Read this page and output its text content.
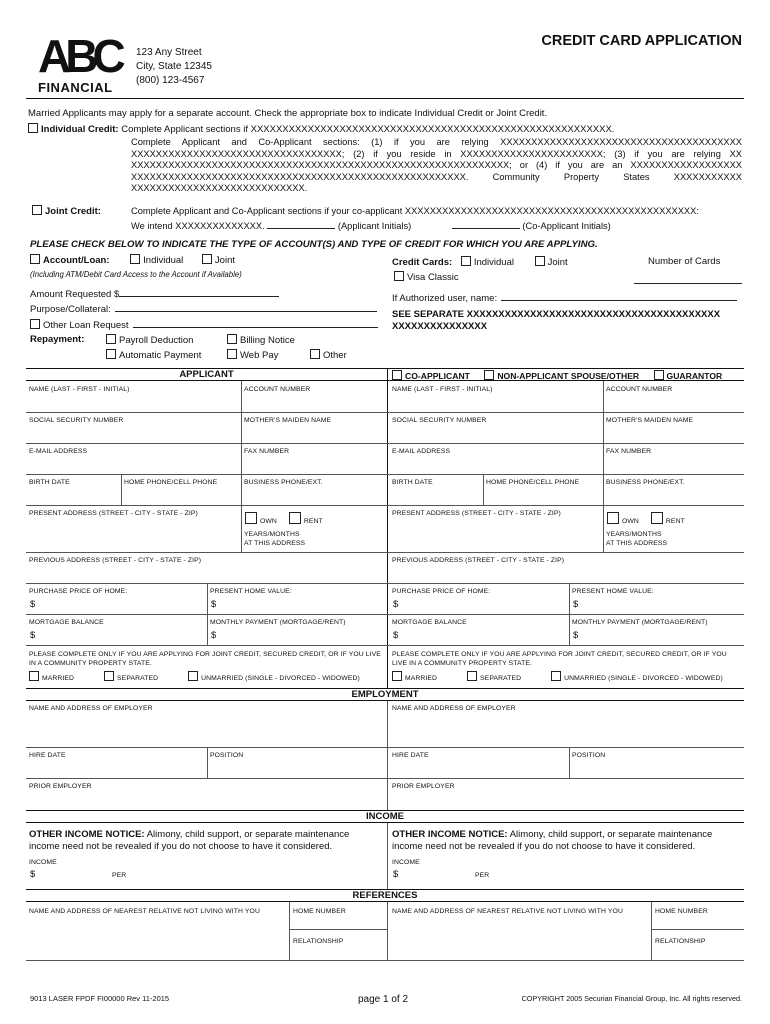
ABC
FINANCIAL
123 Any Street
City, State 12345
(800) 123-4567
CREDIT CARD APPLICATION
Married Applicants may apply for a separate account. Check the appropriate box to indicate Individual Credit or Joint Credit.
Individual Credit: Complete Applicant sections if XXXXXXXXXXXXXXXXXXXXXXXXXXXXXXXXXXXXXXXXXXXXXXXXXXXXXXXXX.
Complete Applicant and Co-Applicant sections: (1) if you are relying XXXXXXXXXXXXXXXXXXXXXXXXXXXXXXXXXXXXXXX XXXXXXXXXXXXXXXXXXXXXXXXXXXXXXXXXX; (2) if you reside in XXXXXXXXXXXXXXXXXXXXXXX; (3) if you are relying XX XXXXXXXXXXXXXXXXXXXXXXXXXXXXXXXXXXXXXXXXXXXXXXXXXXXXXXXXXXXXX; or (4) if you are an XXXXXXXXXXXXXXXXXX XXXXXXXXXXXXXXXXXXXXXXXXXXXXXXXXXXXXXXXXXXXXXXXXXXXXXX. Community Property States XXXXXXXXXXX XXXXXXXXXXXXXXXXXXXXXXXXXXXX.
Joint Credit:	Complete Applicant and Co-Applicant sections if your co-applicant XXXXXXXXXXXXXXXXXXXXXXXXXXXXXXXXXXXXXXXXXXXXXXX:
We intend XXXXXXXXXXXXXX.	(Applicant Initials)	(Co-Applicant Initials)
PLEASE CHECK BELOW TO INDICATE THE TYPE OF ACCOUNT(S) AND TYPE OF CREDIT FOR WHICH YOU ARE APPLYING.
Account/Loan:	Individual	Joint
(Including ATM/Debit Card Access to the Account if Available)
Amount Requested $
Purpose/Collateral:
Other Loan Request
Repayment:	Payroll Deduction	Billing Notice
Automatic Payment	Web Pay	Other
Credit Cards: Individual	Joint	Number of Cards
Visa Classic
If Authorized user, name:
SEE SEPARATE XXXXXXXXXXXXXXXXXXXXXXXXXXXXXXXXXXXXXXXX XXXXXXXXXXXXXXX
APPLICANT	CO-APPLICANT	NON-APPLICANT SPOUSE/OTHER	GUARANTOR
NAME (LAST - FIRST - INITIAL)	ACCOUNT NUMBER
SOCIAL SECURITY NUMBER	MOTHER'S MAIDEN NAME
E-MAIL ADDRESS	FAX NUMBER
BIRTH DATE	HOME PHONE/CELL PHONE	BUSINESS PHONE/EXT.
PRESENT ADDRESS (STREET - CITY - STATE - ZIP)
OWN	RENT
YEARS/MONTHS
AT THIS ADDRESS
PREVIOUS ADDRESS (STREET - CITY - STATE - ZIP)
PURCHASE PRICE OF HOME:
$
PRESENT HOME VALUE:
$
MORTGAGE BALANCE
$
MONTHLY PAYMENT (MORTGAGE/RENT)
$
PLEASE COMPLETE ONLY IF YOU ARE APPLYING FOR JOINT CREDIT, SECURED CREDIT, OR IF YOU LIVE IN A COMMUNITY PROPERTY STATE.
MARRIED	SEPARATED	UNMARRIED (SINGLE - DIVORCED - WIDOWED)
NAME (LAST - FIRST - INITIAL)	ACCOUNT NUMBER
SOCIAL SECURITY NUMBER	MOTHER'S MAIDEN NAME
E-MAIL ADDRESS	FAX NUMBER
BIRTH DATE	HOME PHONE/CELL PHONE	BUSINESS PHONE/EXT.
PRESENT ADDRESS (STREET - CITY - STATE - ZIP)
OWN	RENT
YEARS/MONTHS
AT THIS ADDRESS
PREVIOUS ADDRESS (STREET - CITY - STATE - ZIP)
PURCHASE PRICE OF HOME:
$
PRESENT HOME VALUE:
$
MORTGAGE BALANCE
$
MONTHLY PAYMENT (MORTGAGE/RENT)
$
PLEASE COMPLETE ONLY IF YOU ARE APPLYING FOR JOINT CREDIT, SECURED CREDIT, OR IF YOU LIVE IN A COMMUNITY PROPERTY STATE.
MARRIED	SEPARATED	UNMARRIED (SINGLE - DIVORCED - WIDOWED)
EMPLOYMENT
NAME AND ADDRESS OF EMPLOYER	NAME AND ADDRESS OF EMPLOYER
HIRE DATE	POSITION	HIRE DATE	POSITION
PRIOR EMPLOYER	PRIOR EMPLOYER
INCOME
OTHER INCOME NOTICE: Alimony, child support, or separate maintenance income need not be revealed if you do not choose to have it considered.
OTHER INCOME NOTICE: Alimony, child support, or separate maintenance income need not be revealed if you do not choose to have it considered.
INCOME
$	PER
INCOME
$	PER
REFERENCES
NAME AND ADDRESS OF NEAREST RELATIVE NOT LIVING WITH YOU	HOME NUMBER
RELATIONSHIP
NAME AND ADDRESS OF NEAREST RELATIVE NOT LIVING WITH YOU	HOME NUMBER
RELATIONSHIP
9013 LASER FPDF FI00000 Rev 11-2015	page 1 of 2	COPYRIGHT 2005 Securian Financial Group, Inc. All rights reserved.
